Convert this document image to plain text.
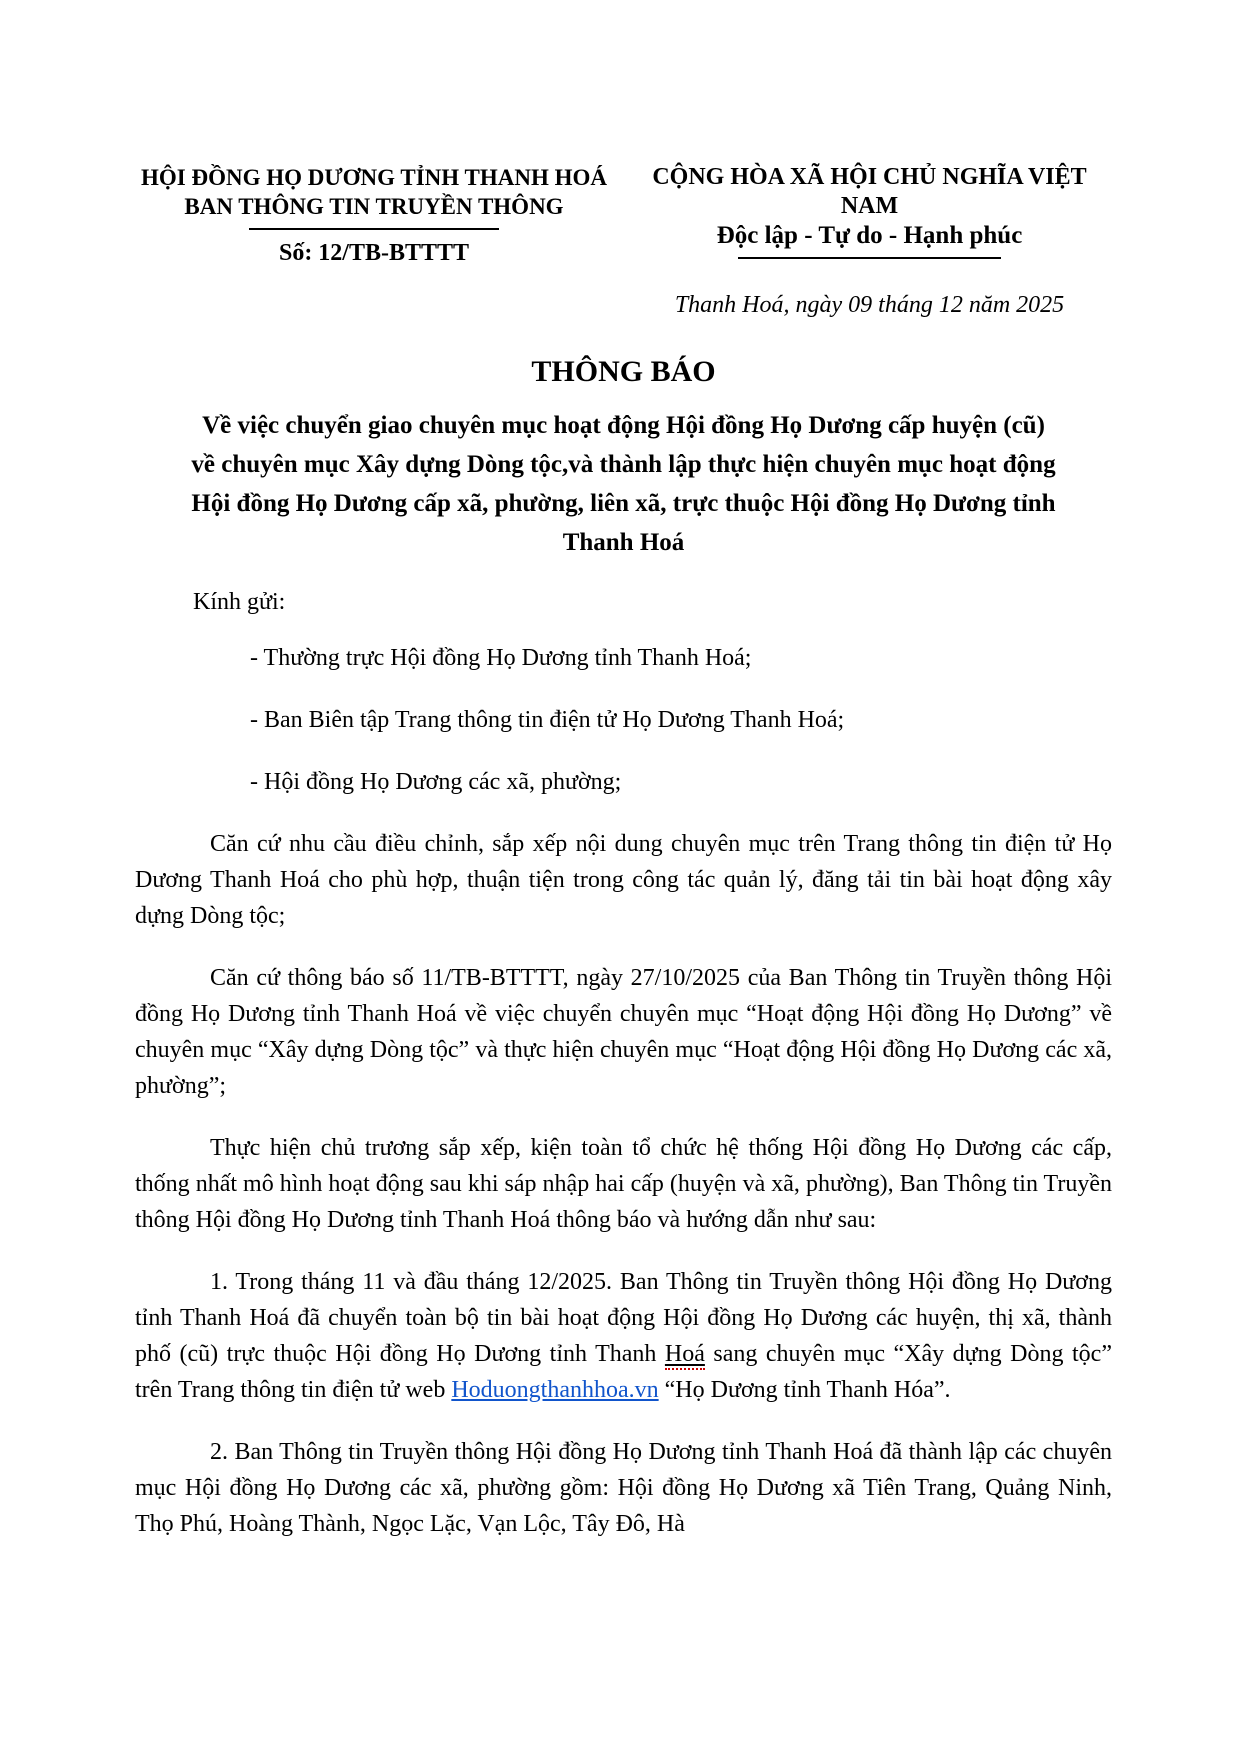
HỘI ĐỒNG HỌ DƯƠNG TỈNH THANH HOÁ
BAN THÔNG TIN TRUYỀN THÔNG
Số: 12/TB-BTTTT
CỘNG HÒA XÃ HỘI CHỦ NGHĨA VIỆT NAM
Độc lập - Tự do - Hạnh phúc
Thanh Hoá, ngày 09 tháng 12 năm 2025
THÔNG BÁO
Về việc chuyển giao chuyên mục hoạt động Hội đồng Họ Dương cấp huyện (cũ)
về chuyên mục Xây dựng Dòng tộc,và thành lập thực hiện chuyên mục hoạt động
Hội đồng Họ Dương cấp xã, phường, liên xã, trực thuộc Hội đồng Họ Dương tỉnh
Thanh Hoá
Kính gửi:
- Thường trực Hội đồng Họ Dương tỉnh Thanh Hoá;
- Ban Biên tập Trang thông tin điện tử Họ Dương Thanh Hoá;
- Hội đồng Họ Dương các xã, phường;

Căn cứ nhu cầu điều chỉnh, sắp xếp nội dung chuyên mục trên Trang thông tin điện tử Họ Dương Thanh Hoá cho phù hợp, thuận tiện trong công tác quản lý, đăng tải tin bài hoạt động xây dựng Dòng tộc;

Căn cứ thông báo số 11/TB-BTTTT, ngày 27/10/2025 của Ban Thông tin Truyền thông Hội đồng Họ Dương tỉnh Thanh Hoá về việc chuyển chuyên mục “Hoạt động Hội đồng Họ Dương” về chuyên mục “Xây dựng Dòng tộc” và thực hiện chuyên mục “Hoạt động Hội đồng Họ Dương các xã, phường”;

Thực hiện chủ trương sắp xếp, kiện toàn tổ chức hệ thống Hội đồng Họ Dương các cấp, thống nhất mô hình hoạt động sau khi sáp nhập hai cấp (huyện và xã, phường), Ban Thông tin Truyền thông Hội đồng Họ Dương tỉnh Thanh Hoá thông báo và hướng dẫn như sau:

1. Trong tháng 11 và đầu tháng 12/2025. Ban Thông tin Truyền thông Hội đồng Họ Dương tỉnh Thanh Hoá đã chuyển toàn bộ tin bài hoạt động Hội đồng Họ Dương các huyện, thị xã, thành phố (cũ) trực thuộc Hội đồng Họ Dương tỉnh Thanh Hoá sang chuyên mục “Xây dựng Dòng tộc” trên Trang thông tin điện tử web Hoduongthanhhoa.vn “Họ Dương tỉnh Thanh Hóa”.

2. Ban Thông tin Truyền thông Hội đồng Họ Dương tỉnh Thanh Hoá đã thành lập các chuyên mục Hội đồng Họ Dương các xã, phường gồm: Hội đồng Họ Dương xã Tiên Trang, Quảng Ninh, Thọ Phú, Hoàng Thành, Ngọc Lặc, Vạn Lộc, Tây Đô, Hà
